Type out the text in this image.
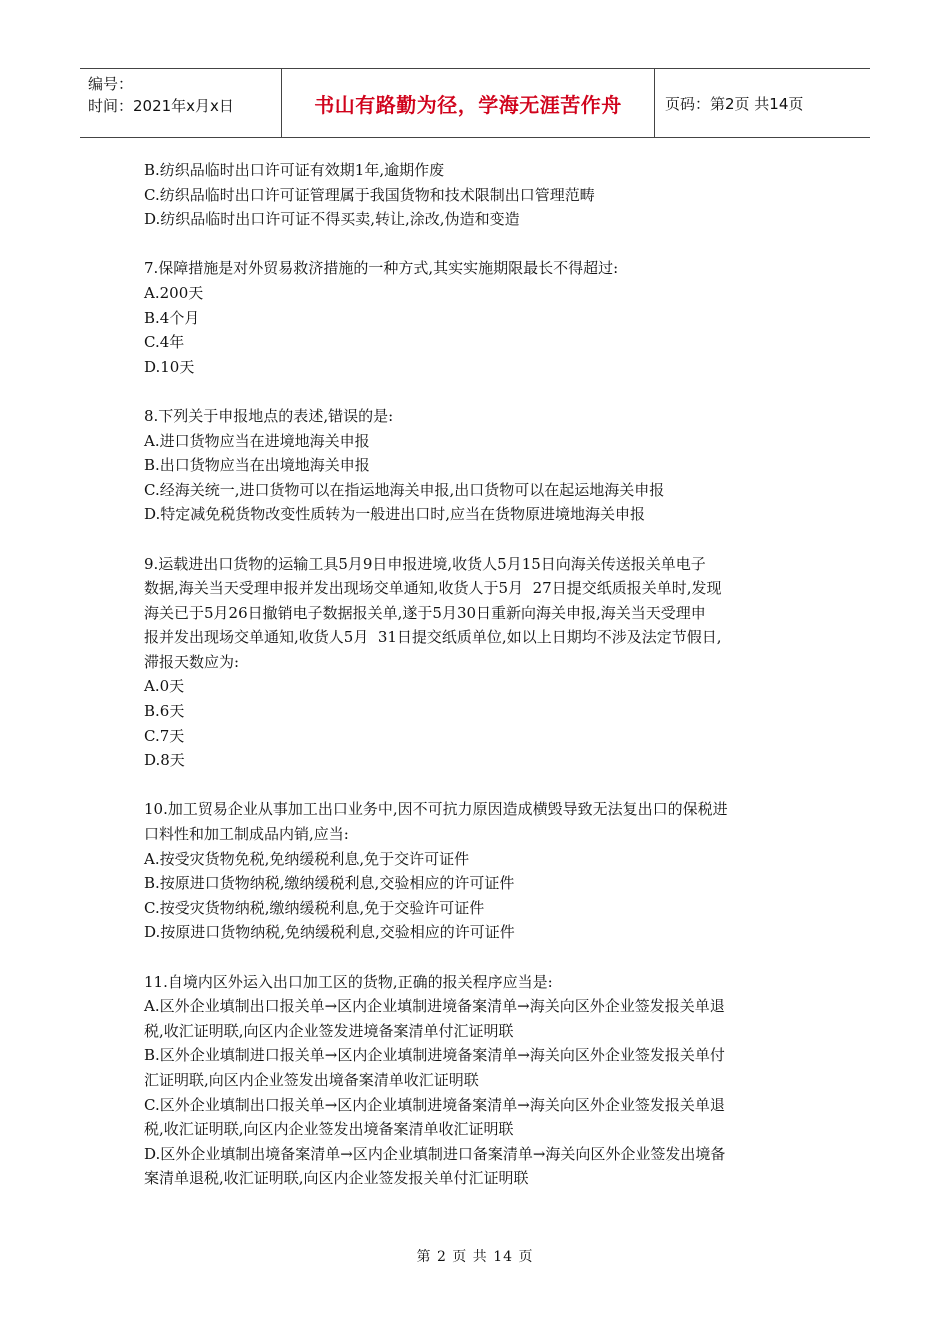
编号：
时间：2021年x月x日	书山有路勤为径，学海无涯苦作舟	页码：第2页 共14页

B.纺织品临时出口许可证有效期1年,逾期作废

C.纺织品临时出口许可证管理属于我国货物和技术限制出口管理范畴

D.纺织品临时出口许可证不得买卖,转让,涂改,伪造和变造

7.保障措施是对外贸易救济措施的一种方式,其实实施期限最长不得超过:

A.200天

B.4个月

C.4年

D.10天

8.下列关于申报地点的表述,错误的是:

A.进口货物应当在进境地海关申报

B.出口货物应当在出境地海关申报

C.经海关统一,进口货物可以在指运地海关申报,出口货物可以在起运地海关申报

D.特定减免税货物改变性质转为一般进出口时,应当在货物原进境地海关申报

9.运载进出口货物的运输工具5月9日申报进境,收货人5月15日向海关传送报关单电子

数据,海关当天受理申报并发出现场交单通知,收货人于5月  27日提交纸质报关单时,发现

海关已于5月26日撤销电子数据报关单,遂于5月30日重新向海关申报,海关当天受理申

报并发出现场交单通知,收货人5月  31日提交纸质单位,如以上日期均不涉及法定节假日,

滞报天数应为:

A.0天

B.6天

C.7天

D.8天

10.加工贸易企业从事加工出口业务中,因不可抗力原因造成横毁导致无法复出口的保税进

口料性和加工制成品内销,应当:

A.按受灾货物免税,免纳缓税利息,免于交许可证件

B.按原进口货物纳税,缴纳缓税利息,交验相应的许可证件

C.按受灾货物纳税,缴纳缓税利息,免于交验许可证件

D.按原进口货物纳税,免纳缓税利息,交验相应的许可证件

11.自境内区外运入出口加工区的货物,正确的报关程序应当是:

A.区外企业填制出口报关单→区内企业填制进境备案清单→海关向区外企业签发报关单退

税,收汇证明联,向区内企业签发进境备案清单付汇证明联

B.区外企业填制进口报关单→区内企业填制进境备案清单→海关向区外企业签发报关单付

汇证明联,向区内企业签发出境备案清单收汇证明联

C.区外企业填制出口报关单→区内企业填制进境备案清单→海关向区外企业签发报关单退

税,收汇证明联,向区内企业签发出境备案清单收汇证明联

D.区外企业填制出境备案清单→区内企业填制进口备案清单→海关向区外企业签发出境备

案清单退税,收汇证明联,向区内企业签发报关单付汇证明联

第 2 页 共 14 页
